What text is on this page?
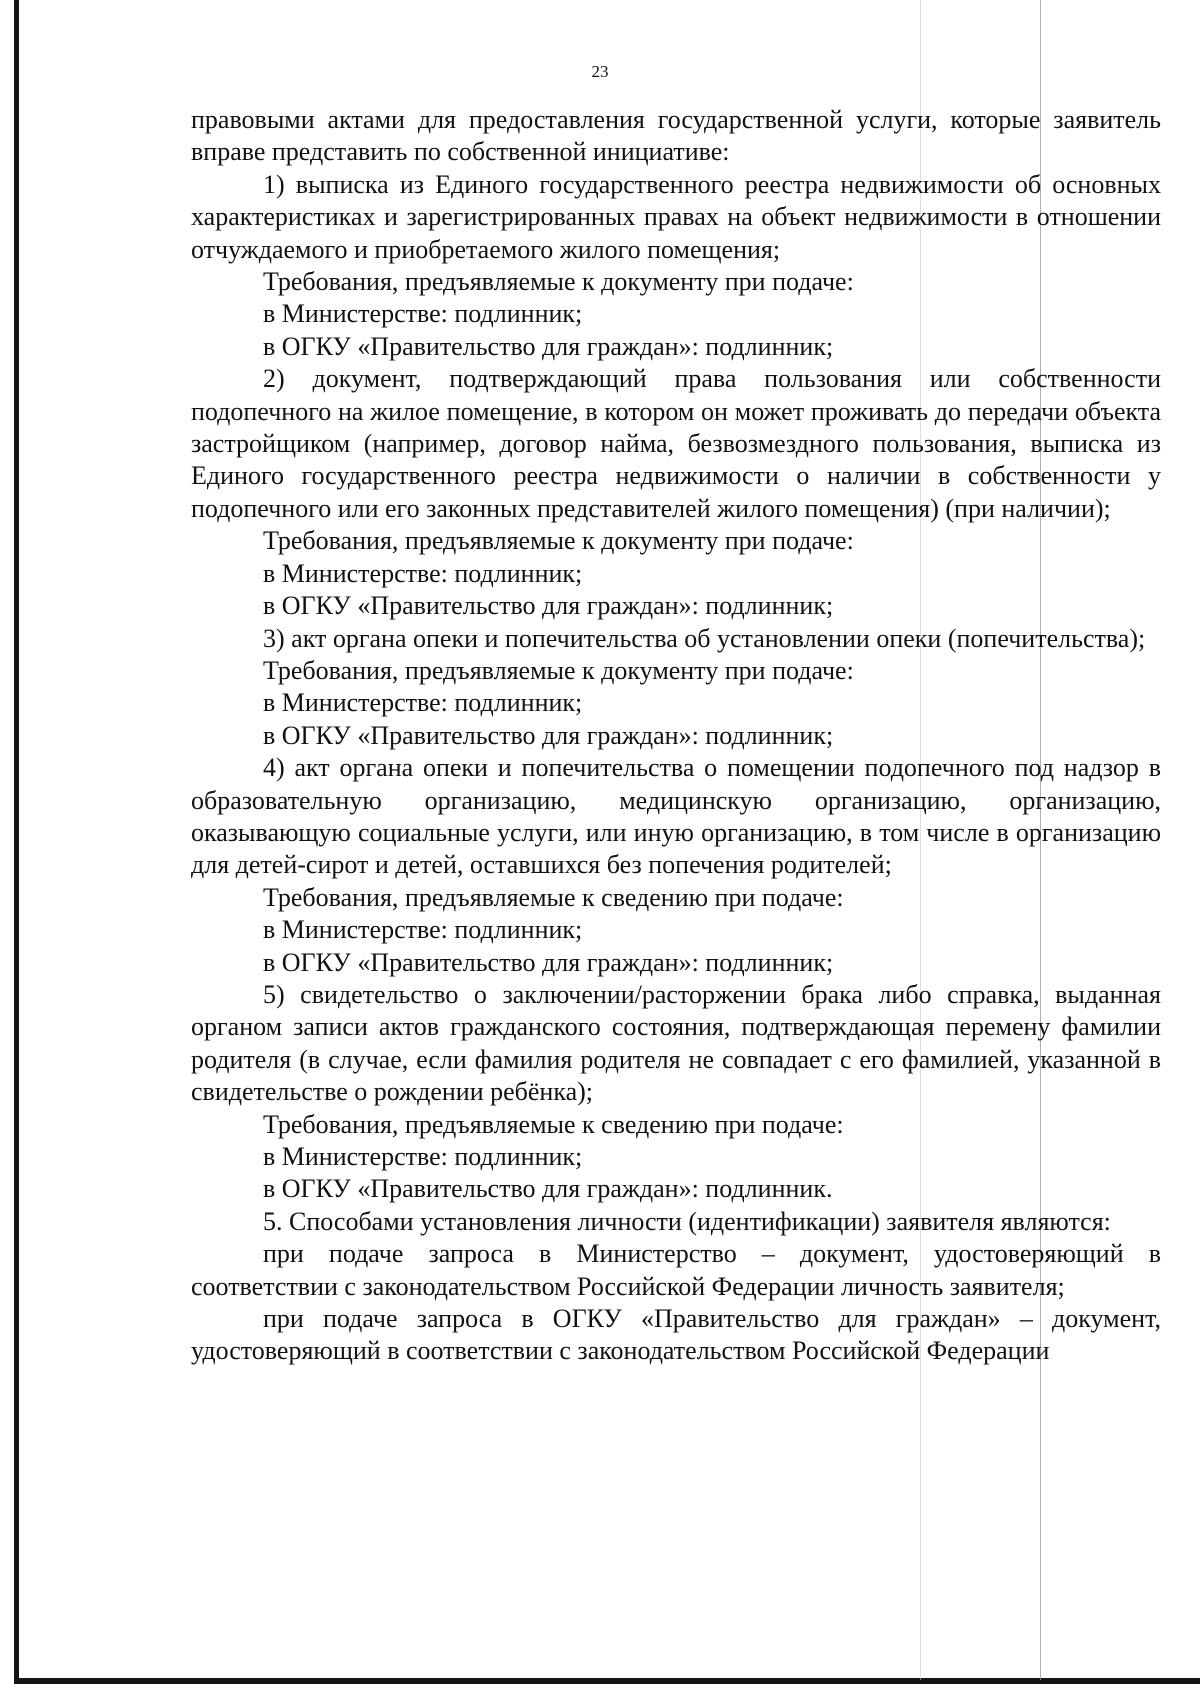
23

правовыми актами для предоставления государственной услуги, которые заявитель вправе представить по собственной инициативе:

1) выписка из Единого государственного реестра недвижимости об основных характеристиках и зарегистрированных правах на объект недвижимости в отношении отчуждаемого и приобретаемого жилого помещения;

Требования, предъявляемые к документу при подаче:

в Министерстве: подлинник;

в ОГКУ «Правительство для граждан»: подлинник;

2) документ, подтверждающий права пользования или собственности подопечного на жилое помещение, в котором он может проживать до передачи объекта застройщиком (например, договор найма, безвозмездного пользования, выписка из Единого государственного реестра недвижимости о наличии в собственности у подопечного или его законных представителей жилого помещения) (при наличии);

Требования, предъявляемые к документу при подаче:

в Министерстве: подлинник;

в ОГКУ «Правительство для граждан»: подлинник;

3) акт органа опеки и попечительства об установлении опеки (попечительства);

Требования, предъявляемые к документу при подаче:

в Министерстве: подлинник;

в ОГКУ «Правительство для граждан»: подлинник;

4) акт органа опеки и попечительства о помещении подопечного под надзор в образовательную организацию, медицинскую организацию, организацию, оказывающую социальные услуги, или иную организацию, в том числе в организацию для детей-сирот и детей, оставшихся без попечения родителей;

Требования, предъявляемые к сведению при подаче:

в Министерстве: подлинник;

в ОГКУ «Правительство для граждан»: подлинник;

5) свидетельство о заключении/расторжении брака либо справка, выданная органом записи актов гражданского состояния, подтверждающая перемену фамилии родителя (в случае, если фамилия родителя не совпадает с его фамилией, указанной в свидетельстве о рождении ребёнка);

Требования, предъявляемые к сведению при подаче:

в Министерстве: подлинник;

в ОГКУ «Правительство для граждан»: подлинник.

5. Способами установления личности (идентификации) заявителя являются:

при подаче запроса в Министерство – документ, удостоверяющий в соответствии с законодательством Российской Федерации личность заявителя;

при подаче запроса в ОГКУ «Правительство для граждан» – документ, удостоверяющий в соответствии с законодательством Российской Федерации
